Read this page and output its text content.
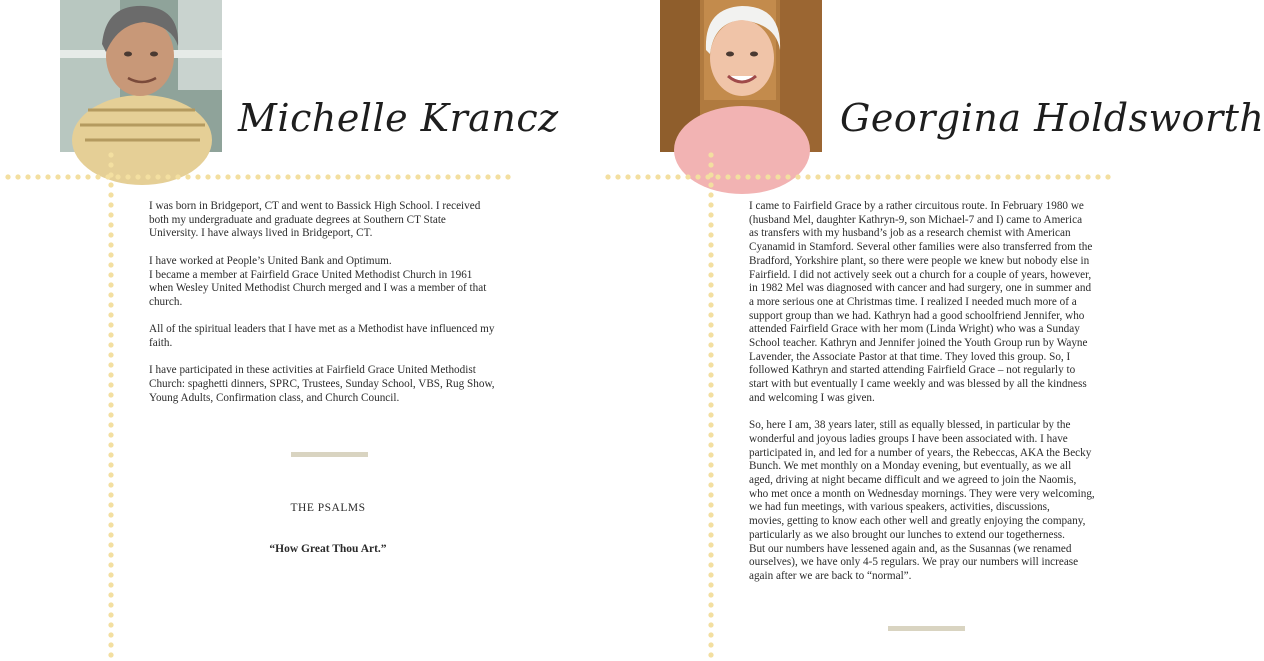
Michelle Krancz

I was born in Bridgeport, CT and went to Bassick High School. I received
both my undergraduate and graduate degrees at Southern CT State
University. I have always lived in Bridgeport, CT.

I have worked at People’s United Bank and Optimum.
I became a member at Fairfield Grace United Methodist Church in 1961
when Wesley United Methodist Church merged and I was a member of that
church.

All of the spiritual leaders that I have met as a Methodist have influenced my
faith.

I have participated in these activities at Fairfield Grace United Methodist
Church: spaghetti dinners, SPRC, Trustees, Sunday School, VBS, Rug Show,
Young Adults, Confirmation class, and Church Council.

THE PSALMS
“How Great Thou Art.”
Georgina Holdsworth

I came to Fairfield Grace by a rather circuitous route. In February 1980 we
(husband Mel, daughter Kathryn-9, son Michael-7 and I) came to America
as transfers with my husband’s job as a research chemist with American
Cyanamid in Stamford. Several other families were also transferred from the
Bradford, Yorkshire plant, so there were people we knew but nobody else in
Fairfield. I did not actively seek out a church for a couple of years, however,
in 1982 Mel was diagnosed with cancer and had surgery, one in summer and
a more serious one at Christmas time. I realized I needed much more of a
support group than we had. Kathryn had a good schoolfriend Jennifer, who
attended Fairfield Grace with her mom (Linda Wright) who was a Sunday
School teacher. Kathryn and Jennifer joined the Youth Group run by Wayne
Lavender, the Associate Pastor at that time. They loved this group. So, I
followed Kathryn and started attending Fairfield Grace – not regularly to
start with but eventually I came weekly and was blessed by all the kindness
and welcoming I was given.

So, here I am, 38 years later, still as equally blessed, in particular by the
wonderful and joyous ladies groups I have been associated with. I have
participated in, and led for a number of years, the Rebeccas, AKA the Becky
Bunch. We met monthly on a Monday evening, but eventually, as we all
aged, driving at night became difficult and we agreed to join the Naomis,
who met once a month on Wednesday mornings. They were very welcoming,
we had fun meetings, with various speakers, activities, discussions,
movies, getting to know each other well and greatly enjoying the company,
particularly as we also brought our lunches to extend our togetherness.
But our numbers have lessened again and, as the Susannas (we renamed
ourselves), we have only 4-5 regulars. We pray our numbers will increase
again after we are back to “normal”.
